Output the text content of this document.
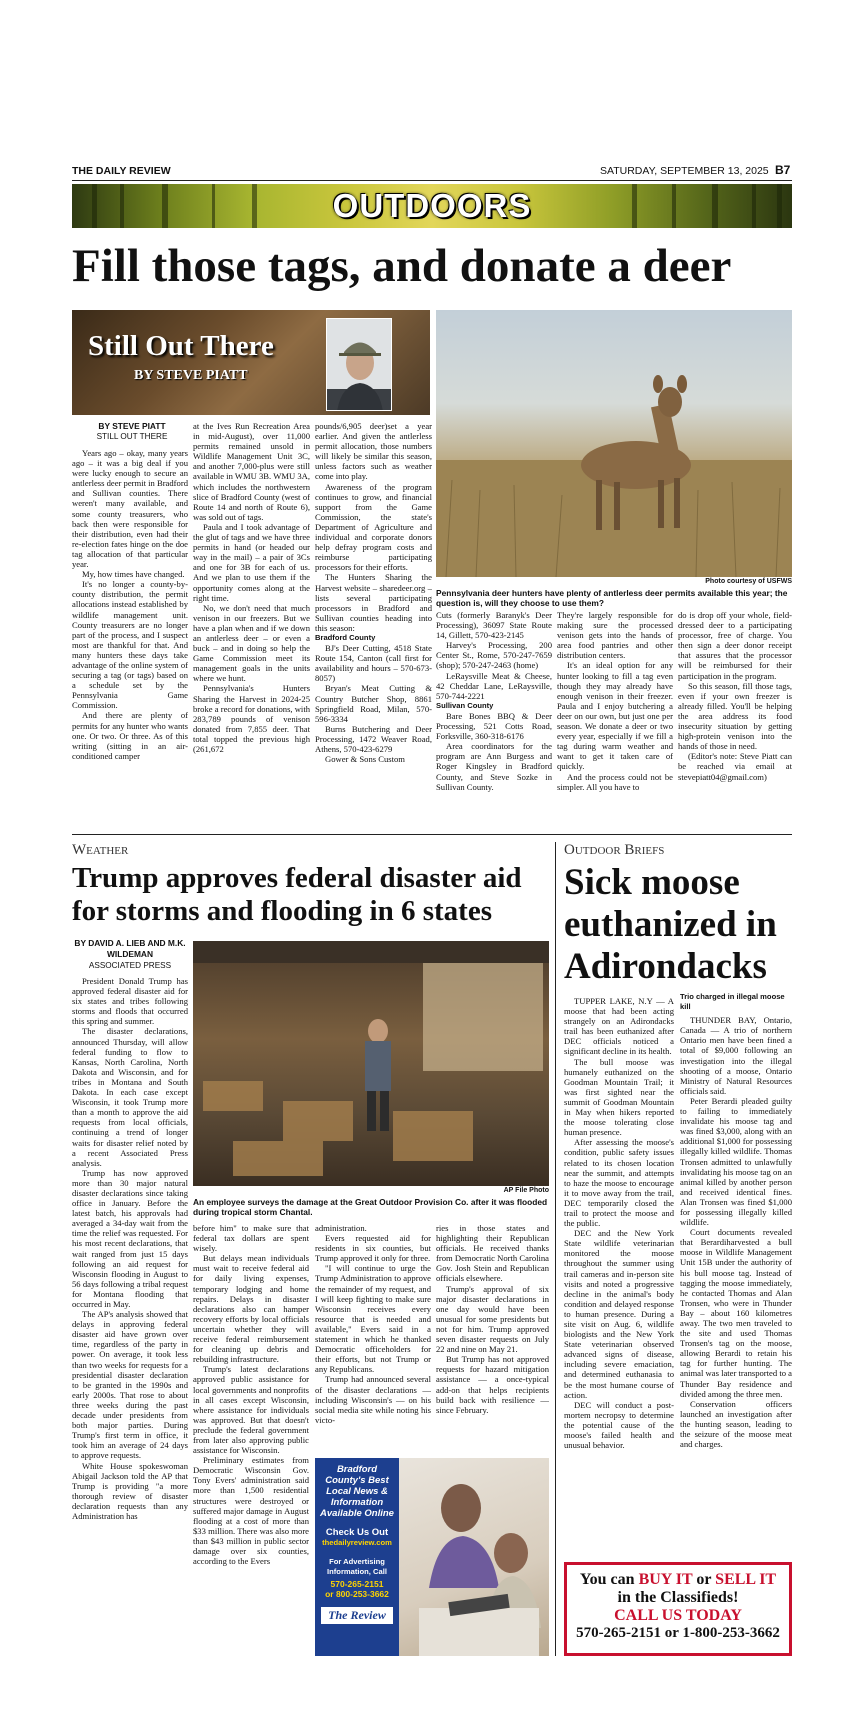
THE DAILY REVIEW	SATURDAY, SEPTEMBER 13, 2025 B7
OUTDOORS
Fill those tags, and donate a deer
Still Out There
BY STEVE PIATT
Photo courtesy of USFWS
Pennsylvania deer hunters have plenty of antlerless deer permits available this year; the question is, will they choose to use them?
BY STEVE PIATT
STILL OUT THERE

Years ago – okay, many years ago – it was a big deal if you were lucky enough to secure an antlerless deer permit in Bradford and Sullivan counties. There weren't many available, and some county treasurers, who back then were responsible for their distribution, even had their re-election fates hinge on the doe tag allocation of that particular year.

My, how times have changed.

It's no longer a county-by-county distribution, the permit allocations instead established by wildlife management unit. County treasurers are no longer part of the process, and I suspect most are thankful for that. And many hunters these days take advantage of the online system of securing a tag (or tags) based on a schedule set by the Pennsylvania Game Commission.

And there are plenty of permits for any hunter who wants one. Or two. Or three. As of this writing (sitting in an air-conditioned camper

at the Ives Run Recreation Area in mid-August), over 11,000 permits remained unsold in Wildlife Management Unit 3C, and another 7,000-plus were still available in WMU 3B. WMU 3A, which includes the northwestern slice of Bradford County (west of Route 14 and north of Route 6), was sold out of tags.

Paula and I took advantage of the glut of tags and we have three permits in hand (or headed our way in the mail) – a pair of 3Cs and one for 3B for each of us. And we plan to use them if the opportunity comes along at the right time.

No, we don't need that much venison in our freezers. But we have a plan when and if we down an antlerless deer – or even a buck – and in doing so help the Game Commission meet its management goals in the units where we hunt.

Pennsylvania's Hunters Sharing the Harvest in 2024-25 broke a record for donations, with 283,789 pounds of venison donated from 7,855 deer. That total topped the previous high (261,672

pounds/6,905 deer)set a year earlier. And given the antlerless permit allocation, those numbers will likely be similar this season, unless factors such as weather come into play.

Awareness of the program continues to grow, and financial support from the Game Commission, the state's Department of Agriculture and individual and corporate donors help defray program costs and reimburse participating processors for their efforts.

The Hunters Sharing the Harvest website – sharedeer.org – lists several participating processors in Bradford and Sullivan counties heading into this season:

Bradford County

BJ's Deer Cutting, 4518 State Route 154, Canton (call first for availability and hours – 570-673-8057)

Bryan's Meat Cutting & Country Butcher Shop, 8861 Springfield Road, Milan, 570-596-3334

Burns Butchering and Deer Processing, 1472 Weaver Road, Athens, 570-423-6279

Gower & Sons Custom

Cuts (formerly Baranyk's Deer Processing), 36097 State Route 14, Gillett, 570-423-2145

Harvey's Processing, 200 Center St., Rome, 570-247-7659 (shop); 570-247-2463 (home)

LeRaysville Meat & Cheese, 42 Cheddar Lane, LeRaysville, 570-744-2221

Sullivan County

Bare Bones BBQ & Deer Processing, 521 Cotts Road, Forksville, 360-318-6176

Area coordinators for the program are Ann Burgess and Roger Kingsley in Bradford County, and Steve Sozke in Sullivan County.

They're largely responsible for making sure the processed venison gets into the hands of area food pantries and other distribution centers.

It's an ideal option for any hunter looking to fill a tag even though they may already have enough venison in their freezer. Paula and I enjoy butchering a deer on our own, but just one per season. We donate a deer or two every year, especially if we fill a tag during warm weather and want to get it taken care of quickly.

And the process could not be simpler. All you have to

do is drop off your whole, field-dressed deer to a participating processor, free of charge. You then sign a deer donor receipt that assures that the processor will be reimbursed for their participation in the program.

So this season, fill those tags, even if your own freezer is already filled. You'll be helping the area address its food insecurity situation by getting high-protein venison into the hands of those in need.

(Editor's note: Steve Piatt can be reached via email at stevepiatt04@gmail.com)

Weather
Trump approves federal disaster aid for storms and flooding in 6 states
BY DAVID A. LIEB AND M.K. WILDEMAN
ASSOCIATED PRESS
AP File Photo
An employee surveys the damage at the Great Outdoor Provision Co. after it was flooded during tropical storm Chantal.

President Donald Trump has approved federal disaster aid for six states and tribes following storms and floods that occurred this spring and summer.

The disaster declarations, announced Thursday, will allow federal funding to flow to Kansas, North Carolina, North Dakota and Wisconsin, and for tribes in Montana and South Dakota. In each case except Wisconsin, it took Trump more than a month to approve the aid requests from local officials, continuing a trend of longer waits for disaster relief noted by a recent Associated Press analysis.

Trump has now approved more than 30 major natural disaster declarations since taking office in January. Before the latest batch, his approvals had averaged a 34-day wait from the time the relief was requested. For his most recent declarations, that wait ranged from just 15 days following an aid request for Wisconsin flooding in August to 56 days following a tribal request for Montana flooding that occurred in May.

The AP's analysis showed that delays in approving federal disaster aid have grown over time, regardless of the party in power. On average, it took less than two weeks for requests for a presidential disaster declaration to be granted in the 1990s and early 2000s. That rose to about three weeks during the past decade under presidents from both major parties. During Trump's first term in office, it took him an average of 24 days to approve requests.

White House spokeswoman Abigail Jackson told the AP that Trump is providing "a more thorough review of disaster declaration requests than any Administration has

before him" to make sure that federal tax dollars are spent wisely.

But delays mean individuals must wait to receive federal aid for daily living expenses, temporary lodging and home repairs. Delays in disaster declarations also can hamper recovery efforts by local officials uncertain whether they will receive federal reimbursement for cleaning up debris and rebuilding infrastructure.

Trump's latest declarations approved public assistance for local governments and nonprofits in all cases except Wisconsin, where assistance for individuals was approved. But that doesn't preclude the federal government from later also approving public assistance for Wisconsin.

Preliminary estimates from Democratic Wisconsin Gov. Tony Evers' administration said more than 1,500 residential structures were destroyed or suffered major damage in August flooding at a cost of more than $33 million. There was also more than $43 million in public sector damage over six counties, according to the Evers

administration.

Evers requested aid for residents in six counties, but Trump approved it only for three.

"I will continue to urge the Trump Administration to approve the remainder of my request, and I will keep fighting to make sure Wisconsin receives every resource that is needed and available," Evers said in a statement in which he thanked Democratic officeholders for their efforts, but not Trump or any Republicans.

Trump had announced several of the disaster declarations — including Wisconsin's — on his social media site while noting his victo-

ries in those states and highlighting their Republican officials. He received thanks from Democratic North Carolina Gov. Josh Stein and Republican officials elsewhere.

Trump's approval of six major disaster declarations in one day would have been unusual for some presidents but not for him. Trump approved seven disaster requests on July 22 and nine on May 21.

But Trump has not approved requests for hazard mitigation assistance — a once-typical add-on that helps recipients build back with resilience — since February.

Bradford County's Best Local News & Information Available Online
Check Us Out
thedailyreview.com
For Advertising Information, Call
570-265-2151
or 800-253-3662
The Review
Outdoor Briefs
Sick moose euthanized in Adirondacks

TUPPER LAKE, N.Y — A moose that had been acting strangely on an Adirondacks trail has been euthanized after DEC officials noticed a significant decline in its health.

The bull moose was humanely euthanized on the Goodman Mountain Trail; it was first sighted near the summit of Goodman Mountain in May when hikers reported the moose tolerating close human presence.

After assessing the moose's condition, public safety issues related to its chosen location near the summit, and attempts to haze the moose to encourage it to move away from the trail, DEC temporarily closed the trail to protect the moose and the public.

DEC and the New York State wildlife veterinarian monitored the moose throughout the summer using trail cameras and in-person site visits and noted a progressive decline in the animal's body condition and delayed response to human presence. During a site visit on Aug. 6, wildlife biologists and the New York State veterinarian observed advanced signs of disease, including severe emaciation, and determined euthanasia to be the most humane course of action.

DEC will conduct a post-mortem necropsy to determine the potential cause of the moose's failed health and unusual behavior.

Trio charged in illegal moose kill

THUNDER BAY, Ontario, Canada — A trio of northern Ontario men have been fined a total of $9,000 following an investigation into the illegal shooting of a moose, Ontario Ministry of Natural Resources officials said.

Peter Berardi pleaded guilty to failing to immediately invalidate his moose tag and was fined $3,000, along with an additional $1,000 for possessing illegally killed wildlife. Thomas Tronsen admitted to unlawfully invalidating his moose tag on an animal killed by another person and received identical fines. Alan Tronsen was fined $1,000 for possessing illegally killed wildlife.

Court documents revealed that Berardiharvested a bull moose in Wildlife Management Unit 15B under the authority of his bull moose tag. Instead of tagging the moose immediately, he contacted Thomas and Alan Tronsen, who were in Thunder Bay – about 160 kilometres away. The two men traveled to the site and used Thomas Tronsen's tag on the moose, allowing Berardi to retain his tag for further hunting. The animal was later transported to a Thunder Bay residence and divided among the three men.

Conservation officers launched an investigation after the hunting season, leading to the seizure of the moose meat and charges.

You can BUY IT or SELL IT
in the Classifieds!
CALL US TODAY
570-265-2151 or 1-800-253-3662
